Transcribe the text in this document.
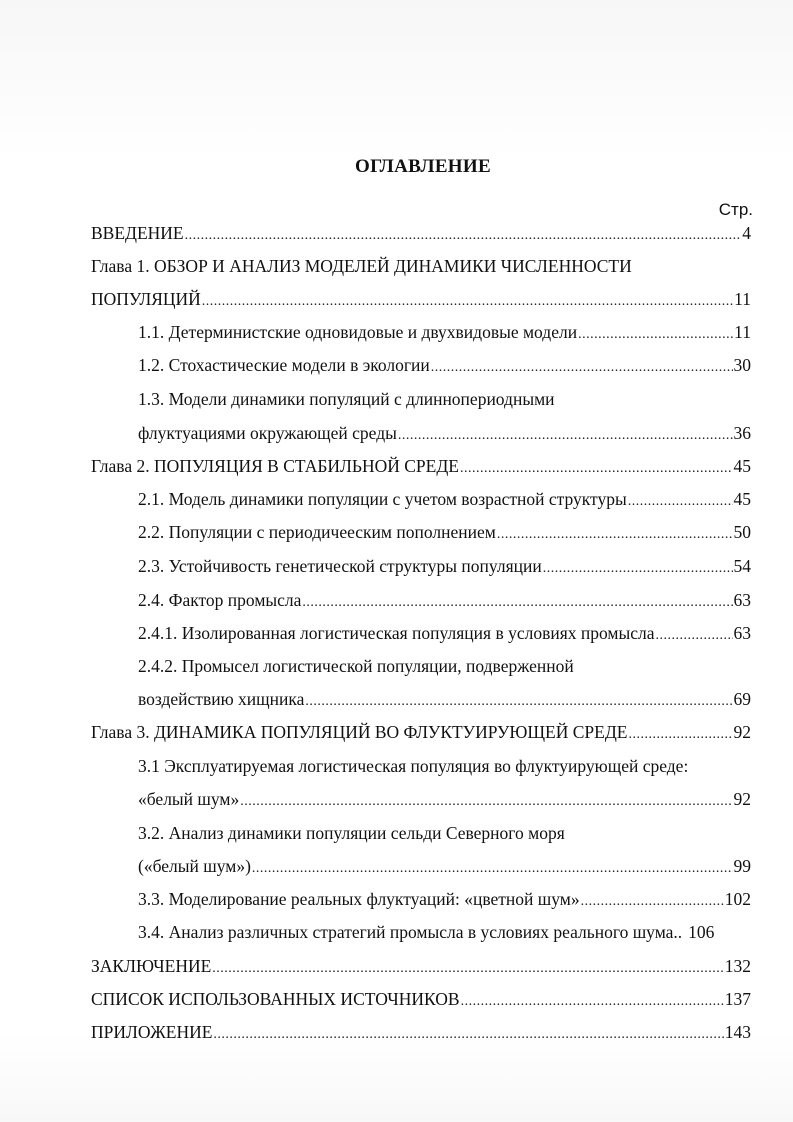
ОГЛАВЛЕНИЕ
Стр.
ВВЕДЕНИЕ .....	4
Глава 1. ОБЗОР И АНАЛИЗ МОДЕЛЕЙ ДИНАМИКИ ЧИСЛЕННОСТИ
ПОПУЛЯЦИЙ .....	11
1.1. Детерминистские одновидовые и двухвидовые модели .....	11
1.2. Стохастические модели в экологии .....	30
1.3. Модели динамики популяций с длиннопериодными
флуктуациями окружающей среды .....	36
Глава 2. ПОПУЛЯЦИЯ В СТАБИЛЬНОЙ СРЕДЕ .....	45
2.1. Модель динамики популяции с учетом возрастной структуры .....	45
2.2. Популяции с периодичееским пополнением .....	50
2.3. Устойчивость генетической структуры популяции .....	54
2.4. Фактор промысла .....	63
2.4.1. Изолированная логистическая популяция в условиях промысла .....	63
2.4.2. Промысел логистической популяции, подверженной
воздействию хищника .....	69
Глава 3. ДИНАМИКА ПОПУЛЯЦИЙ ВО ФЛУКТУИРУЮЩЕЙ СРЕДЕ .....	92
3.1 Эксплуатируемая логистическая популяция во флуктуирующей среде:
«белый шум» .....	92
3.2. Анализ динамики популяции сельди Северного моря
(«белый шум») .....	99
3.3. Моделирование реальных флуктуаций: «цветной шум» .....	102
3.4. Анализ различных стратегий промысла в условиях реального шума.. 106
ЗАКЛЮЧЕНИЕ .....	132
СПИСОК ИСПОЛЬЗОВАННЫХ ИСТОЧНИКОВ .....	137
ПРИЛОЖЕНИЕ .....	143
